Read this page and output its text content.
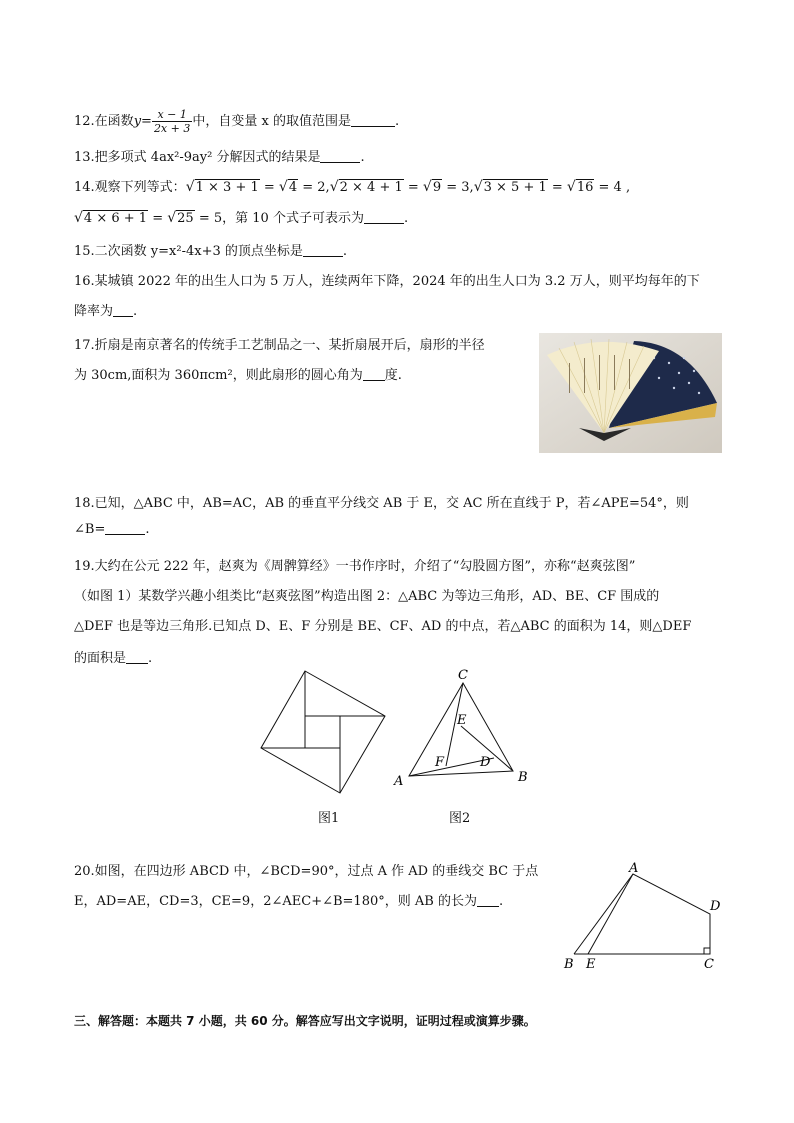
12.在函数$y= \frac{x - 1}{2x + 3}$ 中，自变量 x 的取值范围是	.
13.把多项式 4ax²-9ay² 分解因式的结果是	.
14.观察下列等式：√1 × 3 + 1 = √4 = 2,√2 × 4 + 1 = √9 = 3,√3 × 5 + 1 = √16 = 4 ,
√4 × 6 + 1 = √25 = 5，第 10 个式子可表示为	.
15.二次函数 y=x²-4x+3 的顶点坐标是	.
16.某城镇 2022 年的出生人口为 5 万人，连续两年下降，2024 年的出生人口为 3.2 万人，则平均每年的下
降率为 .
17.折扇是南京著名的传统手工艺制品之一、某折扇展开后，扇形的半径
为 30cm,面积为 360πcm²，则此扇形的圆心角为 度.
18.已知，△ABC 中，AB=AC，AB 的垂直平分线交 AB 于 E，交 AC 所在直线于 P，若∠APE=54°，则
∠B=	.
19.大约在公元 222 年，赵爽为《周髀算经》一书作序时，介绍了“勾股圆方图”，亦称“赵爽弦图”
（如图 1）某数学兴趣小组类比“赵爽弦图”构造出图 2：△ABC 为等边三角形，AD、BE、CF 围成的
△DEF 也是等边三角形.已知点 D、E、F 分别是 BE、CF、AD 的中点，若△ABC 的面积为 14，则△DEF
的面积是 .
图1
C
E
F	D
A	B
图2
20.如图，在四边形 ABCD 中，∠BCD=90°，过点 A 作 AD 的垂线交 BC 于点
E，AD=AE，CD=3，CE=9，2∠AEC+∠B=180°，则 AB 的长为 .
A
D
B E	C
三、解答题：本题共 7 小题，共 60 分。解答应写出文字说明，证明过程或演算步骤。
